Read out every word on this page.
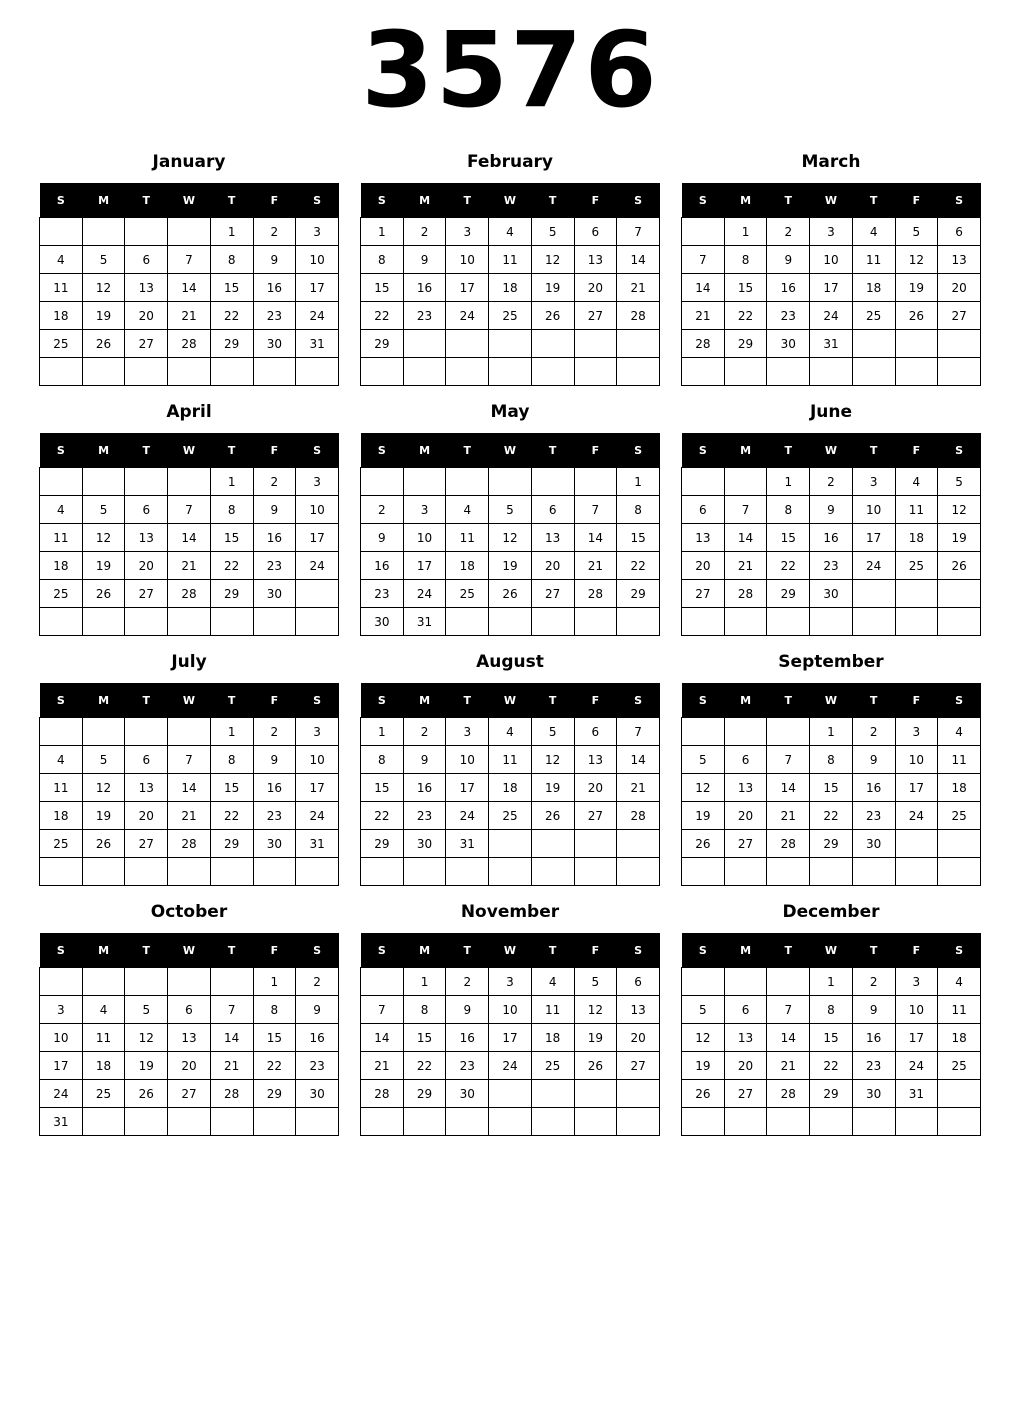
3576
January
S	M	T	W	T	F	S
				1	2	3
4	5	6	7	8	9	10
11	12	13	14	15	16	17
18	19	20	21	22	23	24
25	26	27	28	29	30	31

February
S	M	T	W	T	F	S
1	2	3	4	5	6	7
8	9	10	11	12	13	14
15	16	17	18	19	20	21
22	23	24	25	26	27	28
29						

March
S	M	T	W	T	F	S
	1	2	3	4	5	6
7	8	9	10	11	12	13
14	15	16	17	18	19	20
21	22	23	24	25	26	27
28	29	30	31			

April
S	M	T	W	T	F	S
				1	2	3
4	5	6	7	8	9	10
11	12	13	14	15	16	17
18	19	20	21	22	23	24
25	26	27	28	29	30	

May
S	M	T	W	T	F	S
						1
2	3	4	5	6	7	8
9	10	11	12	13	14	15
16	17	18	19	20	21	22
23	24	25	26	27	28	29
30	31					
June
S	M	T	W	T	F	S
		1	2	3	4	5
6	7	8	9	10	11	12
13	14	15	16	17	18	19
20	21	22	23	24	25	26
27	28	29	30			

July
S	M	T	W	T	F	S
				1	2	3
4	5	6	7	8	9	10
11	12	13	14	15	16	17
18	19	20	21	22	23	24
25	26	27	28	29	30	31

August
S	M	T	W	T	F	S
1	2	3	4	5	6	7
8	9	10	11	12	13	14
15	16	17	18	19	20	21
22	23	24	25	26	27	28
29	30	31				

September
S	M	T	W	T	F	S
			1	2	3	4
5	6	7	8	9	10	11
12	13	14	15	16	17	18
19	20	21	22	23	24	25
26	27	28	29	30		

October
S	M	T	W	T	F	S
					1	2
3	4	5	6	7	8	9
10	11	12	13	14	15	16
17	18	19	20	21	22	23
24	25	26	27	28	29	30
31						
November
S	M	T	W	T	F	S
	1	2	3	4	5	6
7	8	9	10	11	12	13
14	15	16	17	18	19	20
21	22	23	24	25	26	27
28	29	30				

December
S	M	T	W	T	F	S
			1	2	3	4
5	6	7	8	9	10	11
12	13	14	15	16	17	18
19	20	21	22	23	24	25
26	27	28	29	30	31	
